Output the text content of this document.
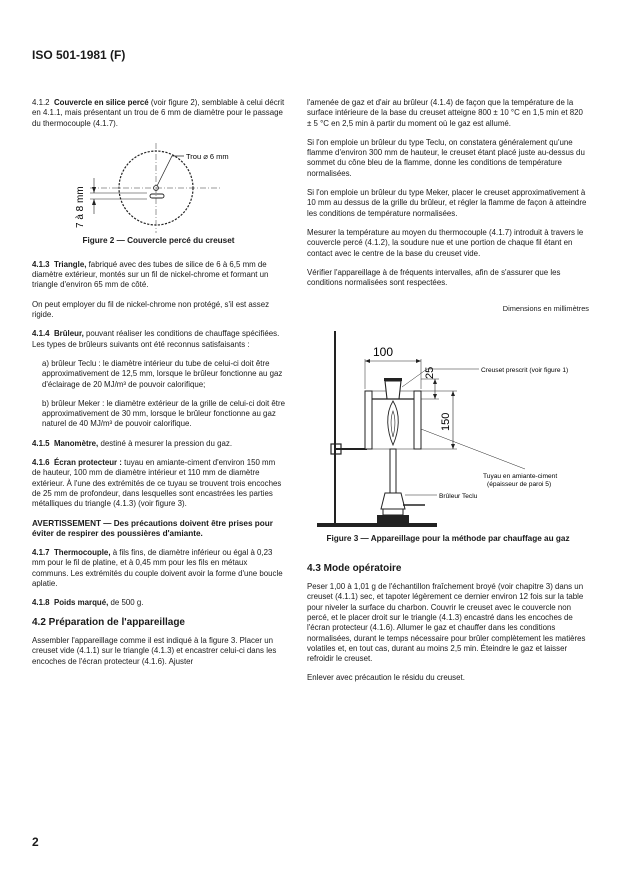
ISO 501-1981 (F)

4.1.2 Couvercle en silice percé (voir figure 2), semblable à celui décrit en 4.1.1, mais présentant un trou de 6 mm de diamètre pour le passage du thermocouple (4.1.7).

Trou ⌀ 6 mm
7 à 8 mm
Figure 2 — Couvercle percé du creuset

4.1.3 Triangle, fabriqué avec des tubes de silice de 6 à 6,5 mm de diamètre extérieur, montés sur un fil de nickel-chrome et formant un triangle d'environ 65 mm de côté.

On peut employer du fil de nickel-chrome non protégé, s'il est assez rigide.

4.1.4 Brûleur, pouvant réaliser les conditions de chauffage spécifiées. Les types de brûleurs suivants ont été reconnus satisfaisants :

a) brûleur Teclu : le diamètre intérieur du tube de celui-ci doit être approximativement de 12,5 mm, lorsque le brûleur fonctionne au gaz d'éclairage de 20 MJ/m³ de pouvoir calorifique;

b) brûleur Meker : le diamètre extérieur de la grille de celui-ci doit être approximativement de 30 mm, lorsque le brûleur fonctionne au gaz naturel de 40 MJ/m³ de pouvoir calorifique.

4.1.5 Manomètre, destiné à mesurer la pression du gaz.

4.1.6 Écran protecteur : tuyau en amiante-ciment d'environ 150 mm de hauteur, 100 mm de diamètre intérieur et 110 mm de diamètre extérieur. À l'une des extrémités de ce tuyau se trouvent trois encoches de 25 mm de profondeur, dans lesquelles sont encastrées les parties métalliques du triangle (4.1.3) (voir figure 3).

AVERTISSEMENT — Des précautions doivent être prises pour éviter de respirer des poussières d'amiante.

4.1.7 Thermocouple, à fils fins, de diamètre inférieur ou égal à 0,23 mm pour le fil de platine, et à 0,45 mm pour les fils en métaux communs. Les extrémités du couple doivent avoir la forme d'une boucle aplatie.

4.1.8 Poids marqué, de 500 g.

4.2 Préparation de l'appareillage

Assembler l'appareillage comme il est indiqué à la figure 3. Placer un creuset vide (4.1.1) sur le triangle (4.1.3) et encastrer celui-ci dans les encoches de l'écran protecteur (4.1.6). Ajuster

l'amenée de gaz et d'air au brûleur (4.1.4) de façon que la température de la surface intérieure de la base du creuset atteigne 800 ± 10 °C en 1,5 min et 820 ± 5 °C en 2,5 min à partir du moment où le gaz est allumé.

Si l'on emploie un brûleur du type Teclu, on constatera généralement qu'une flamme d'environ 300 mm de hauteur, le creuset étant placé juste au-dessus du sommet du cône bleu de la flamme, donne les conditions de température normalisées.

Si l'on emploie un brûleur du type Meker, placer le creuset approximativement à 10 mm au dessus de la grille du brûleur, et régler la flamme de façon à atteindre les conditions de température normalisées.

Mesurer la température au moyen du thermocouple (4.1.7) introduit à travers le couvercle percé (4.1.2), la soudure nue et une portion de chaque fil étant en contact avec le centre de la base du creuset vide.

Vérifier l'appareillage à de fréquents intervalles, afin de s'assurer que les conditions normalisées sont respectées.

Dimensions en millimètres
100
25
150
Creuset prescrit (voir figure 1)
Tuyau en amiante-ciment
(épaisseur de paroi 5)
Brûleur Teclu
Figure 3 — Appareillage pour la méthode par chauffage au gaz
4.3 Mode opératoire

Peser 1,00 à 1,01 g de l'échantillon fraîchement broyé (voir chapitre 3) dans un creuset (4.1.1) sec, et tapoter légèrement ce dernier environ 12 fois sur la table pour niveler la surface du charbon. Couvrir le creuset avec le couvercle non percé, et le placer droit sur le triangle (4.1.3) encastré dans les encoches de l'écran protecteur (4.1.6). Allumer le gaz et chauffer dans les conditions normalisées, durant le temps nécessaire pour brûler complètement les matières volatiles et, en tout cas, durant au moins 2,5 min. Éteindre le gaz et laisser refroidir le creuset.

Enlever avec précaution le résidu du creuset.

2
